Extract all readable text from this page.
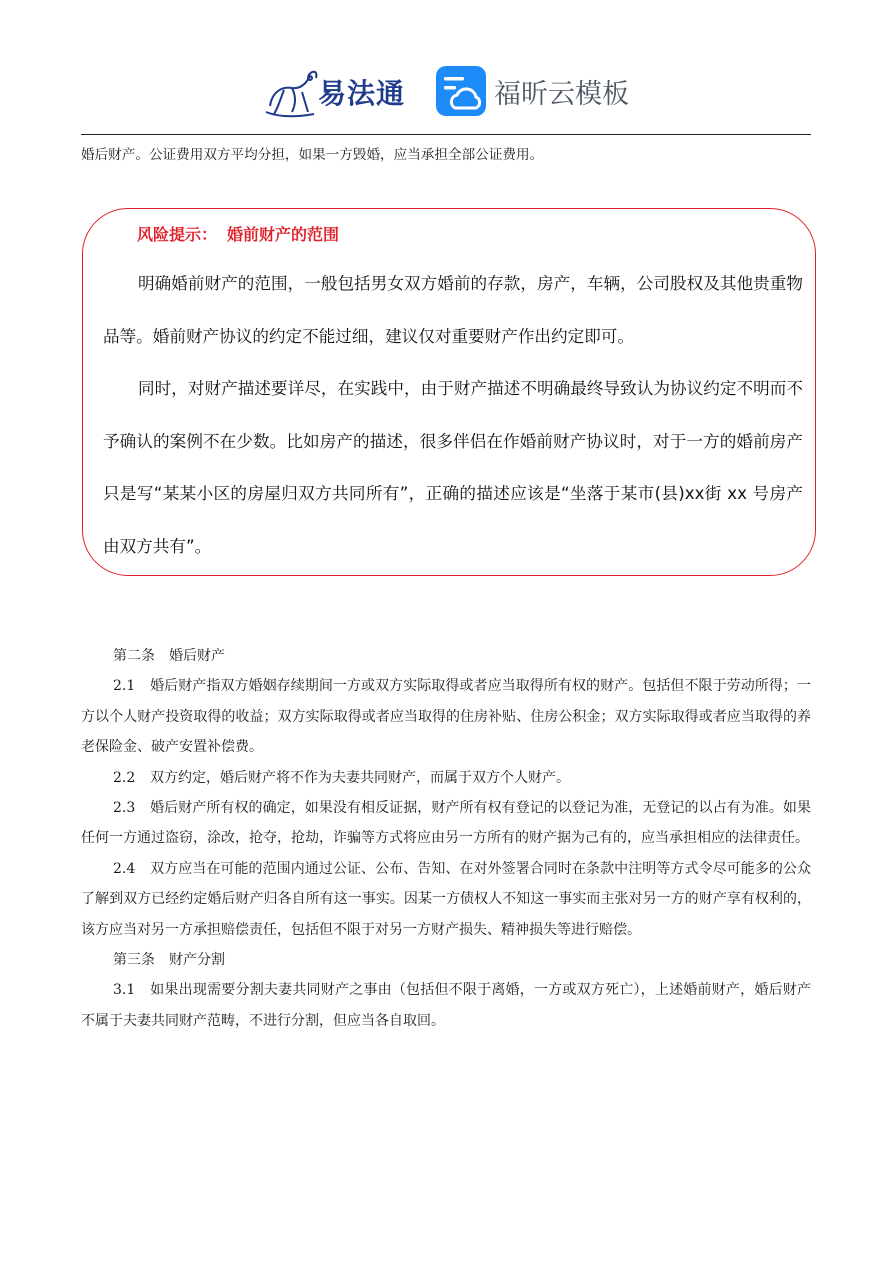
易法通	福昕云模板
婚后财产。公证费用双方平均分担，如果一方毁婚，应当承担全部公证费用。
风险提示： 婚前财产的范围

明确婚前财产的范围，一般包括男女双方婚前的存款，房产，车辆，公司股权及其他贵重物品等。婚前财产协议的约定不能过细，建议仅对重要财产作出约定即可。

同时，对财产描述要详尽，在实践中，由于财产描述不明确最终导致认为协议约定不明而不予确认的案例不在少数。比如房产的描述，很多伴侣在作婚前财产协议时，对于一方的婚前房产只是写“某某小区的房屋归双方共同所有”，正确的描述应该是“坐落于某市(县)xx街 xx 号房产由双方共有”。

第二条　婚后财产

2.1 婚后财产指双方婚姻存续期间一方或双方实际取得或者应当取得所有权的财产。包括但不限于劳动所得；一方以个人财产投资取得的收益；双方实际取得或者应当取得的住房补贴、住房公积金；双方实际取得或者应当取得的养老保险金、破产安置补偿费。

2.2 双方约定，婚后财产将不作为夫妻共同财产，而属于双方个人财产。

2.3 婚后财产所有权的确定，如果没有相反证据，财产所有权有登记的以登记为准，无登记的以占有为准。如果任何一方通过盗窃，涂改，抢夺，抢劫，诈骗等方式将应由另一方所有的财产据为己有的，应当承担相应的法律责任。

2.4 双方应当在可能的范围内通过公证、公布、告知、在对外签署合同时在条款中注明等方式令尽可能多的公众了解到双方已经约定婚后财产归各自所有这一事实。因某一方债权人不知这一事实而主张对另一方的财产享有权利的，该方应当对另一方承担赔偿责任，包括但不限于对另一方财产损失、精神损失等进行赔偿。

第三条　财产分割

3.1 如果出现需要分割夫妻共同财产之事由（包括但不限于离婚，一方或双方死亡），上述婚前财产，婚后财产不属于夫妻共同财产范畴，不进行分割，但应当各自取回。
